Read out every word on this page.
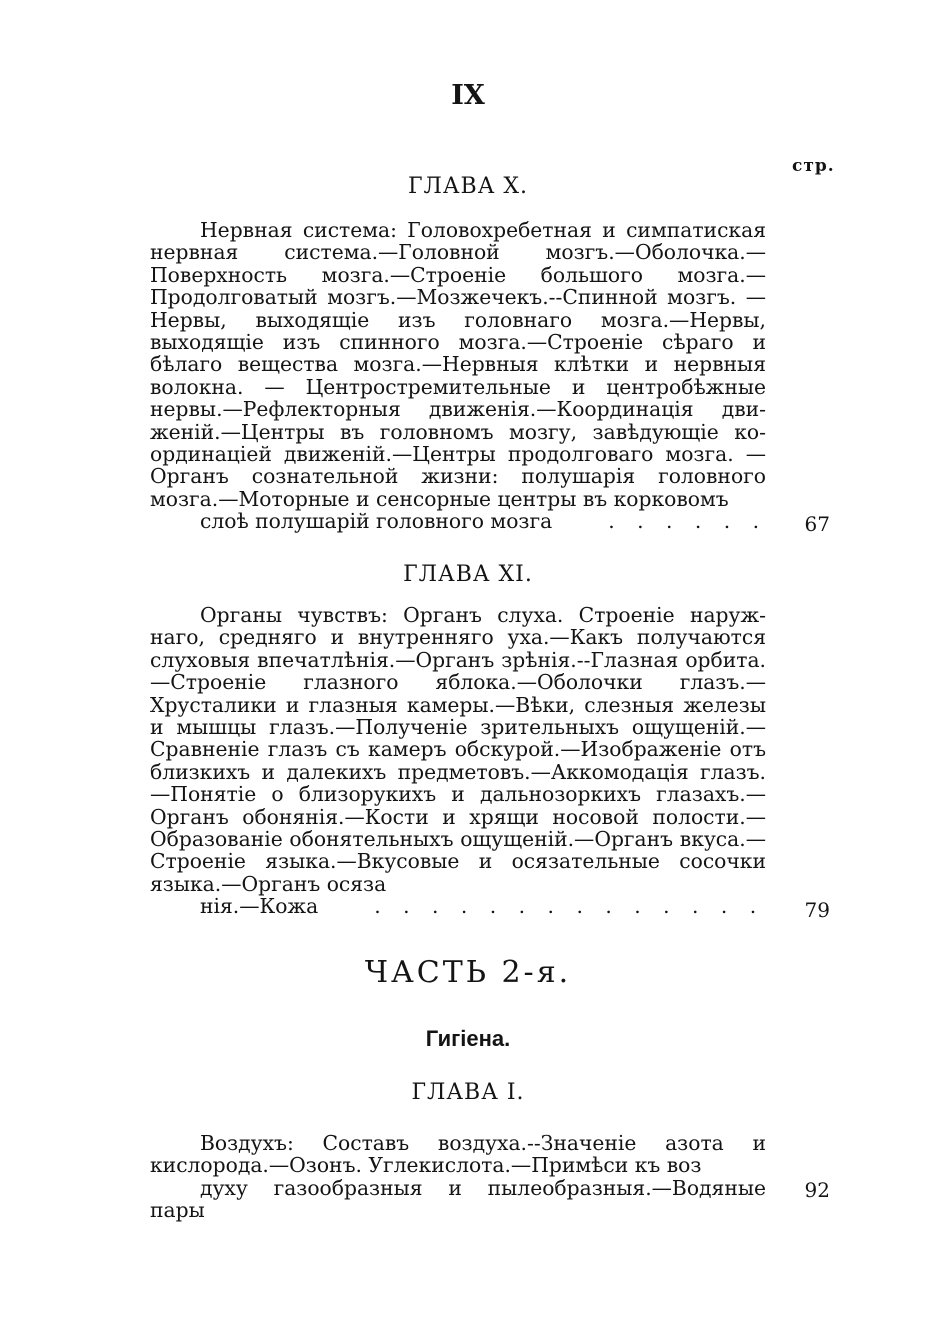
IX
стр.
ГЛАВА X.
Нервная система: Головохребетная и симпатиская нервная система.—Головной мозгъ.—Оболочка.—Поверхность мозга.—Строеніе большого мозга.—Продолговатый мозгъ.—Мозжечекъ.--Спинной мозгъ. —Нервы, выходящіе изъ головнаго мозга.—Нервы, выходящіе изъ спинного мозга.—Строеніе сѣраго и бѣлаго вещества мозга.—Нервныя клѣтки и нервныя волокна. — Центростремительные и центробѣжные нервы.—Рефлекторныя движенія.—Координація движеній.—Центры въ головномъ мозгу, завѣдующіе координаціей движеній.—Центры продолговаго мозга. —Органъ сознательной жизни: полушарія головного мозга.—Моторные и сенсорные центры въ корковомъ
слоѣ полушарій головного мозга . . .	67
ГЛАВА XI.
Органы чувствъ: Органъ слуха. Строеніе наружнаго, средняго и внутренняго уха.—Какъ получаются слуховыя впечатлѣнія.—Органъ зрѣнія.--Глазная орбита.—Строеніе глазного яблока.—Оболочки глазъ.—Хрусталики и глазныя камеры.—Вѣки, слезныя железы и мышцы глазъ.—Полученіе зрительныхъ ощущеній.—Сравненіе глазъ съ камеръ обскурой.—Изображеніе отъ близкихъ и далекихъ предметовъ.—Аккомодація глазъ.—Понятіе о близорукихъ и дальнозоркихъ глазахъ.—Органъ обонянія.—Кости и хрящи носовой полости.—Образованіе обонятельныхъ ощущеній.—Органъ вкуса.—Строеніе языка.—Вкусовые и осязательные сосочки языка.—Органъ осяза
нія.—Кожа . . .	79
ЧАСТЬ 2-я.
Гигіена.
ГЛАВА I.
Воздухъ: Составъ воздуха.--Значеніе азота и кислорода.—Озонъ. Углекислота.—Примѣси къ воз
духу газообразныя и пылеобразныя.—Водяные пары
92
